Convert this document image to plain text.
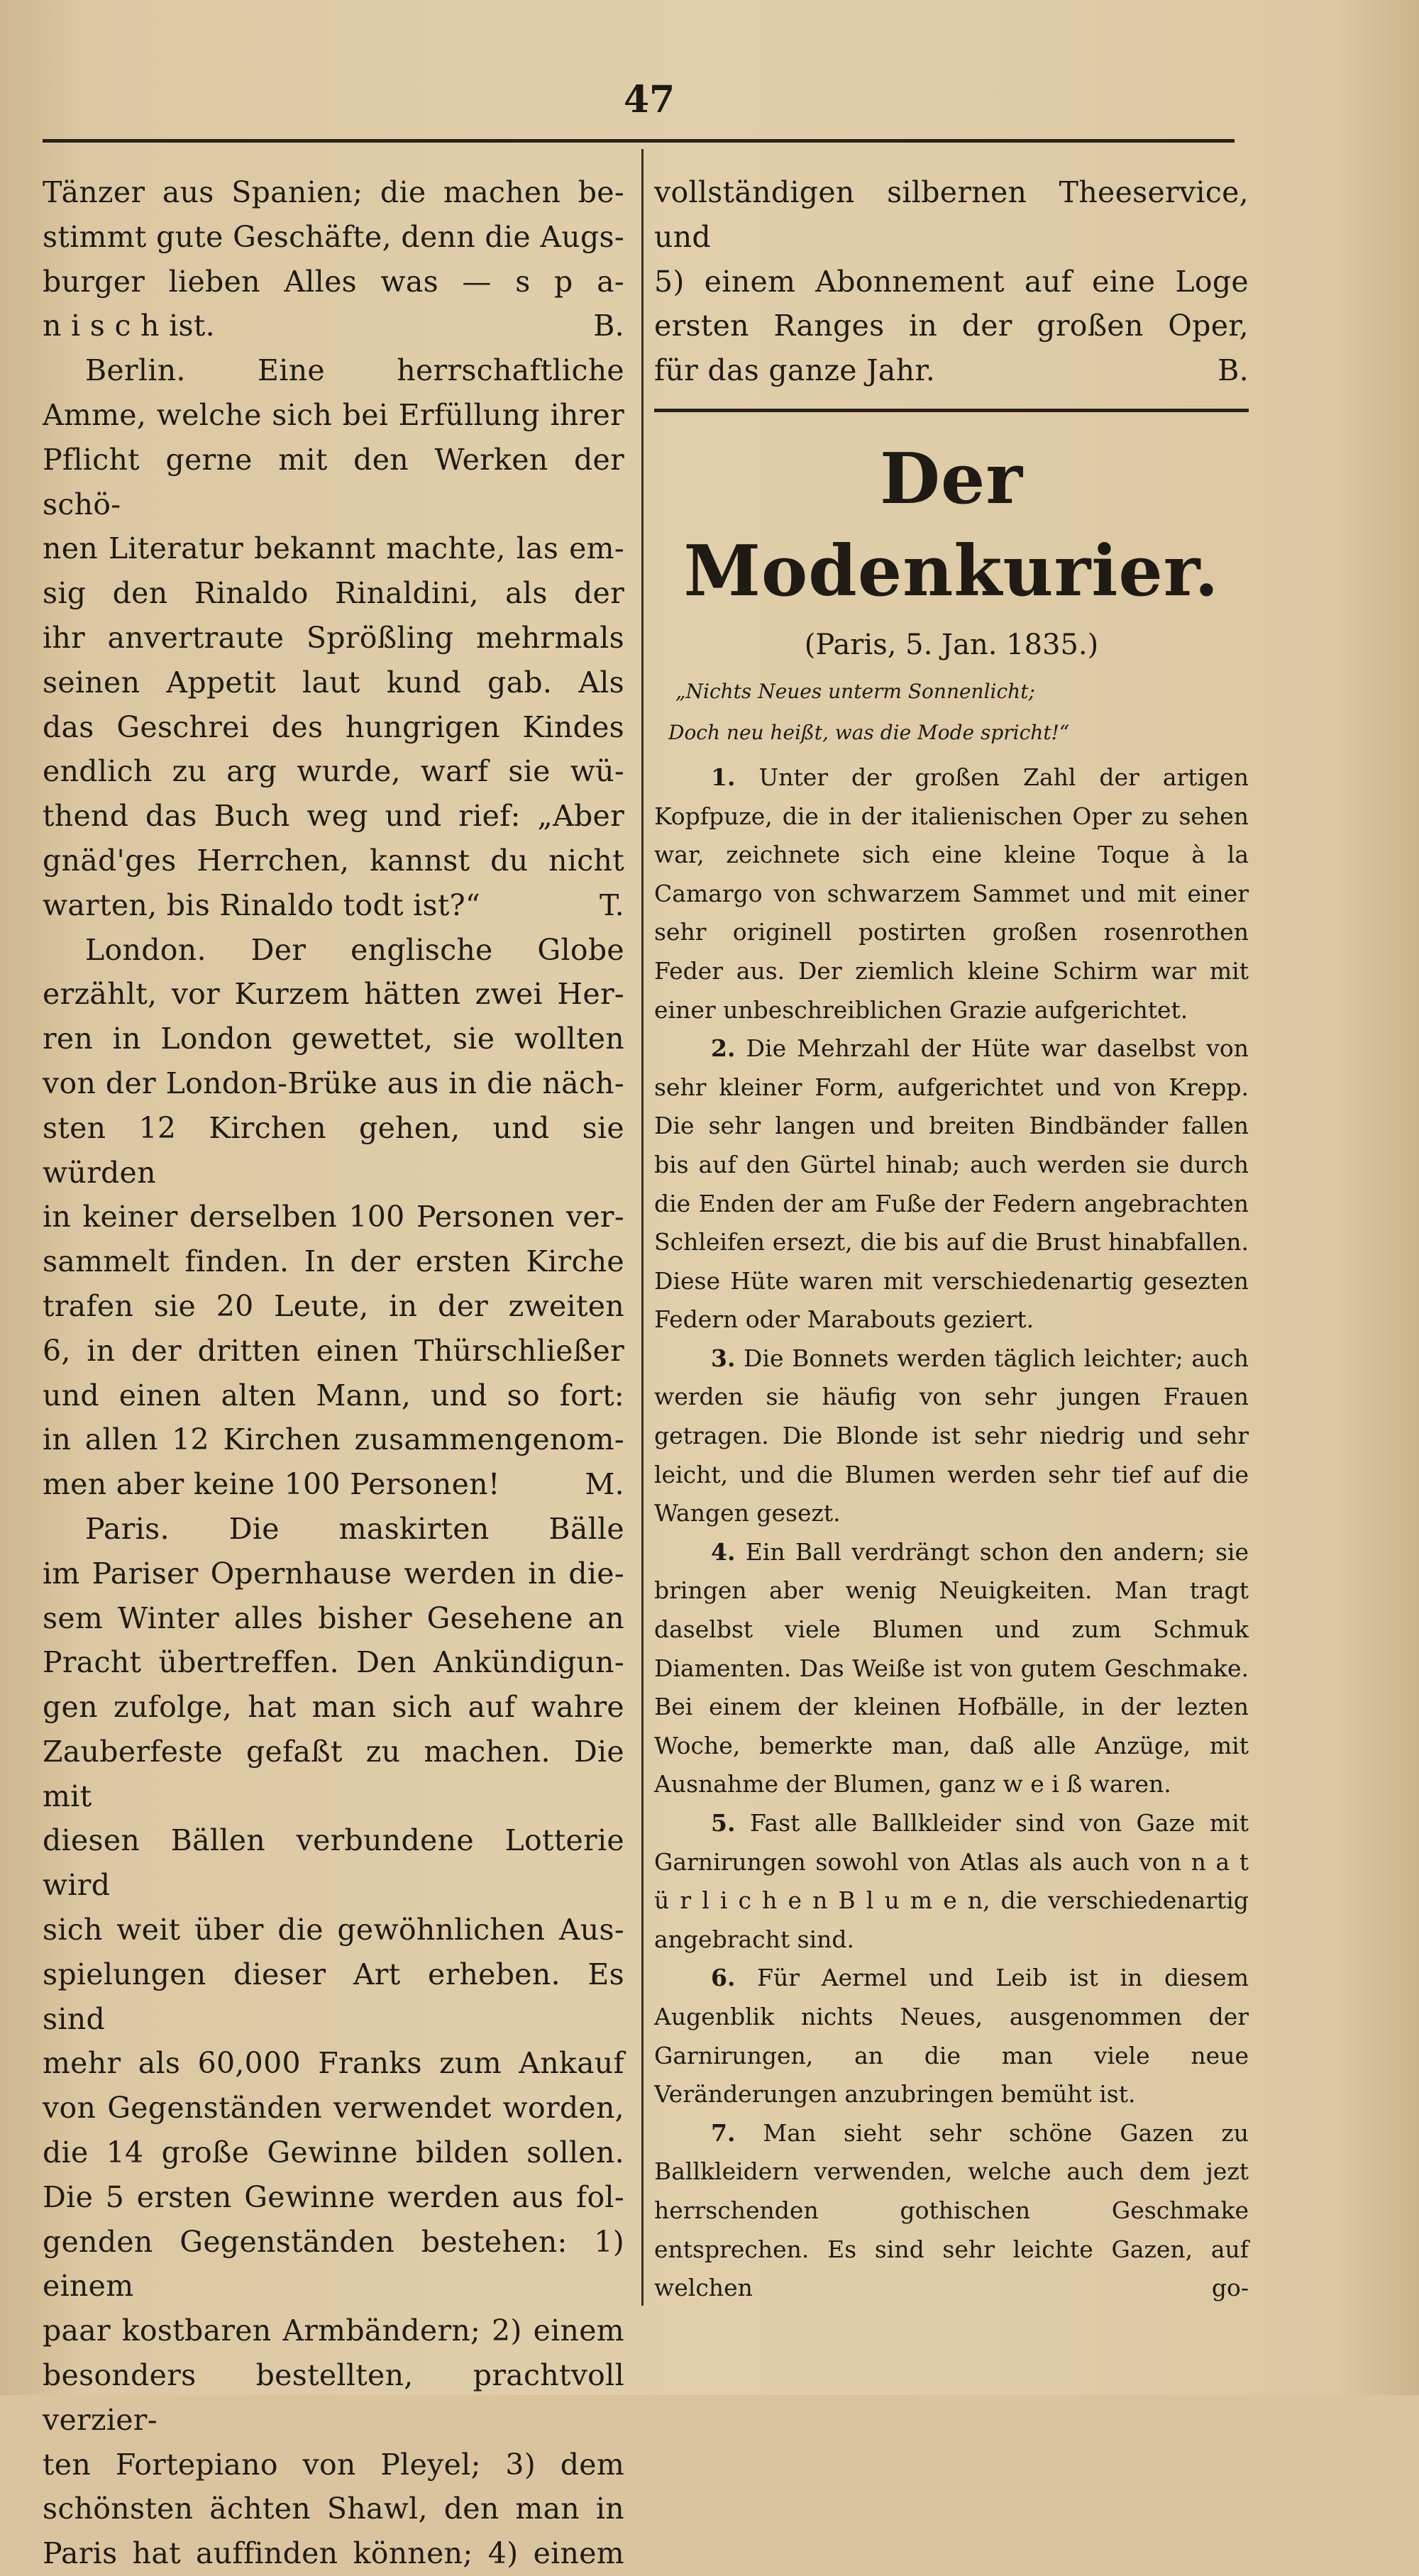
47
Tänzer aus Spanien; die machen be-
stimmt gute Geschäfte, denn die Augs-
burger lieben Alles was — s p a-
n i s c h ist.	B.
Berlin. Eine herrschaftliche
Amme, welche sich bei Erfüllung ihrer
Pflicht gerne mit den Werken der schö-
nen Literatur bekannt machte, las em-
sig den Rinaldo Rinaldini, als der
ihr anvertraute Sprößling mehrmals
seinen Appetit laut kund gab. Als
das Geschrei des hungrigen Kindes
endlich zu arg wurde, warf sie wü-
thend das Buch weg und rief: „Aber
gnäd'ges Herrchen, kannst du nicht
warten, bis Rinaldo todt ist?“	T.
London. Der englische Globe
erzählt, vor Kurzem hätten zwei Her-
ren in London gewettet, sie wollten
von der London-Brüke aus in die näch-
sten 12 Kirchen gehen, und sie würden
in keiner derselben 100 Personen ver-
sammelt finden. In der ersten Kirche
trafen sie 20 Leute, in der zweiten
6, in der dritten einen Thürschließer
und einen alten Mann, und so fort:
in allen 12 Kirchen zusammengenom-
men aber keine 100 Personen!	M.
Paris. Die maskirten Bälle
im Pariser Opernhause werden in die-
sem Winter alles bisher Gesehene an
Pracht übertreffen. Den Ankündigun-
gen zufolge, hat man sich auf wahre
Zauberfeste gefaßt zu machen. Die mit
diesen Bällen verbundene Lotterie wird
sich weit über die gewöhnlichen Aus-
spielungen dieser Art erheben. Es sind
mehr als 60,000 Franks zum Ankauf
von Gegenständen verwendet worden,
die 14 große Gewinne bilden sollen.
Die 5 ersten Gewinne werden aus fol-
genden Gegenständen bestehen: 1) einem
paar kostbaren Armbändern; 2) einem
besonders bestellten, prachtvoll verzier-
ten Fortepiano von Pleyel; 3) dem
schönsten ächten Shawl, den man in
Paris hat auffinden können; 4) einem
vollständigen silbernen Theeservice, und
5) einem Abonnement auf eine Loge
ersten Ranges in der großen Oper,
für das ganze Jahr.	B.
Der Modenkurier.
(Paris, 5. Jan. 1835.)
„Nichts Neues unterm Sonnenlicht;
Doch neu heißt, was die Mode spricht!“

1. Unter der großen Zahl der artigen Kopfpuze, die in der italienischen Oper zu sehen war, zeichnete sich eine kleine Toque à la Camargo von schwarzem Sammet und mit einer sehr originell postirten großen rosenrothen Feder aus. Der ziemlich kleine Schirm war mit einer unbeschreiblichen Grazie aufgerichtet.

2. Die Mehrzahl der Hüte war daselbst von sehr kleiner Form, aufgerichtet und von Krepp. Die sehr langen und breiten Bindbänder fallen bis auf den Gürtel hinab; auch werden sie durch die Enden der am Fuße der Federn angebrachten Schleifen ersezt, die bis auf die Brust hinabfallen. Diese Hüte waren mit verschiedenartig gesezten Federn oder Marabouts geziert.

3. Die Bonnets werden täglich leichter; auch werden sie häufig von sehr jungen Frauen getragen. Die Blonde ist sehr niedrig und sehr leicht, und die Blumen werden sehr tief auf die Wangen gesezt.

4. Ein Ball verdrängt schon den andern; sie bringen aber wenig Neuigkeiten. Man tragt daselbst viele Blumen und zum Schmuk Diamenten. Das Weiße ist von gutem Geschmake. Bei einem der kleinen Hofbälle, in der lezten Woche, bemerkte man, daß alle Anzüge, mit Ausnahme der Blumen, ganz w e i ß waren.

5. Fast alle Ballkleider sind von Gaze mit Garnirungen sowohl von Atlas als auch von n a t ü r l i c h e n B l u m e n, die verschiedenartig angebracht sind.

6. Für Aermel und Leib ist in diesem Augenblik nichts Neues, ausgenommen der Garnirungen, an die man viele neue Veränderungen anzubringen bemüht ist.

7. Man sieht sehr schöne Gazen zu Ballkleidern verwenden, welche auch dem jezt herrschenden gothischen Geschmake entsprechen. Es sind sehr leichte Gazen, auf welchen go-
